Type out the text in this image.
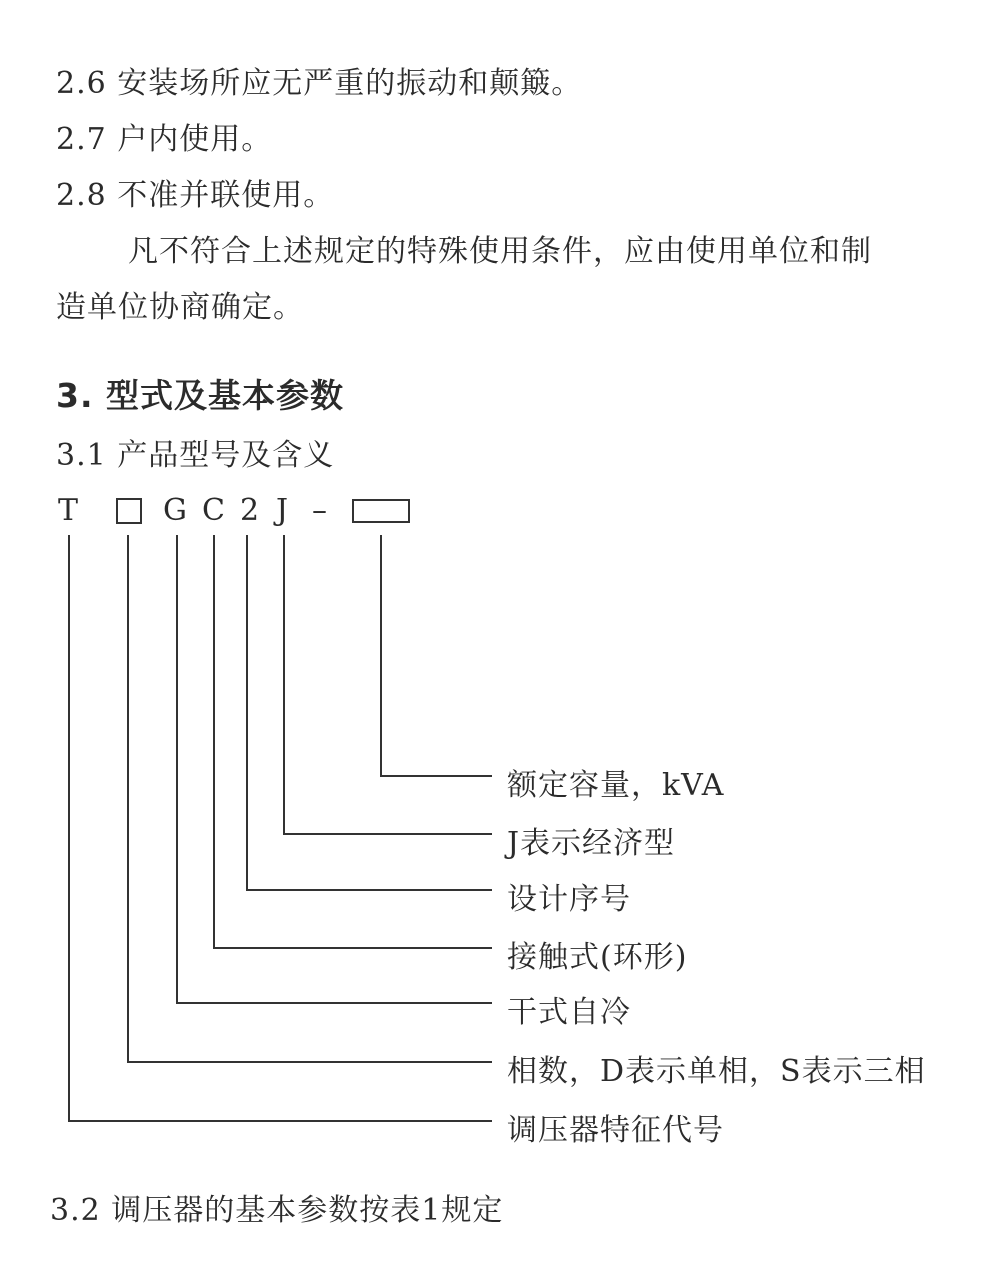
2.6 安装场所应无严重的振动和颠簸。
2.7 户内使用。
2.8 不准并联使用。
凡不符合上述规定的特殊使用条件，应由使用单位和制
造单位协商确定。
3. 型式及基本参数
3.1 产品型号及含义
T	G C 2 J –
额定容量，kVA
J表示经济型
设计序号
接触式(环形)
干式自冷
相数，D表示单相，S表示三相
调压器特征代号
3.2 调压器的基本参数按表1规定
